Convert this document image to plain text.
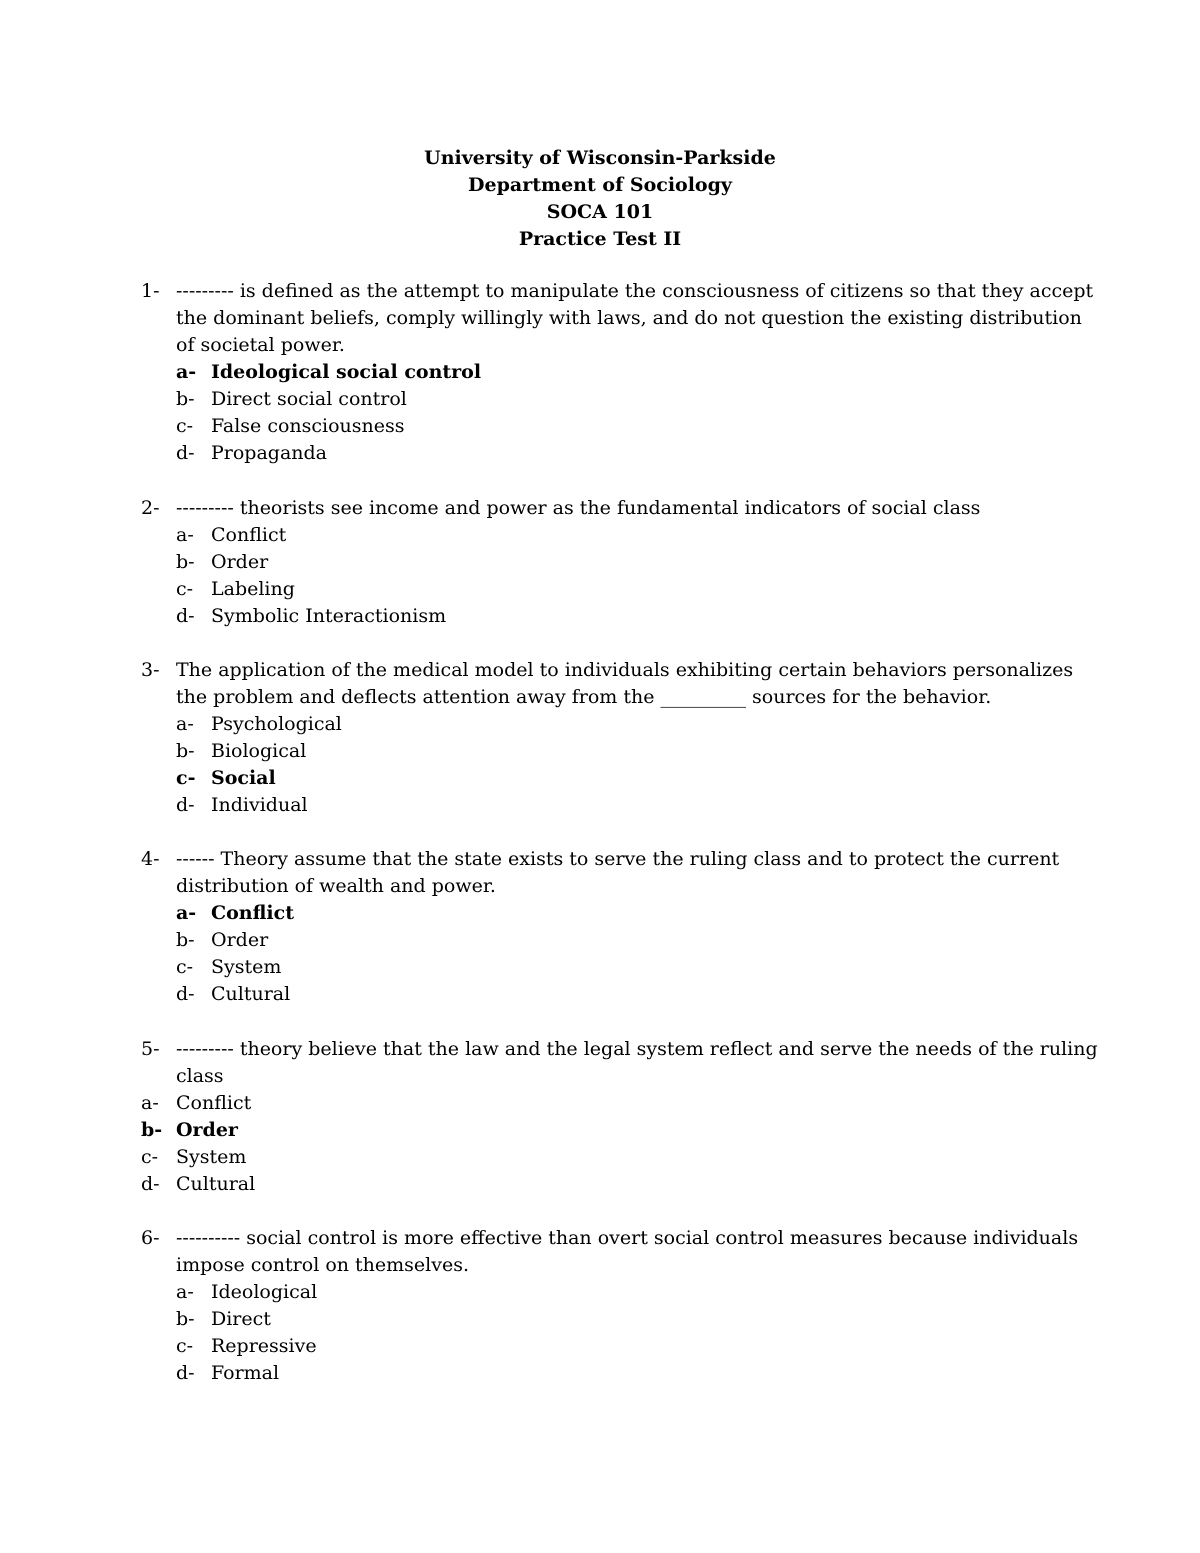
University of Wisconsin-Parkside
Department of Sociology
SOCA 101
Practice Test II
1- --------- is defined as the attempt to manipulate the consciousness of citizens so that they accept the dominant beliefs, comply willingly with laws, and do not question the existing distribution of societal power.
a- Ideological social control
b- Direct social control
c- False consciousness
d- Propaganda
2- --------- theorists see income and power as the fundamental indicators of social class
a- Conflict
b- Order
c- Labeling
d- Symbolic Interactionism
3- The application of the medical model to individuals exhibiting certain behaviors personalizes the problem and deflects attention away from the _________ sources for the behavior.
a- Psychological
b- Biological
c- Social
d- Individual
4- ------ Theory assume that the state exists to serve the ruling class and to protect the current distribution of wealth and power.
a- Conflict
b- Order
c- System
d- Cultural
5- --------- theory believe that the law and the legal system reflect and serve the needs of the ruling class
a- Conflict
b- Order
c- System
d- Cultural
6- ---------- social control is more effective than overt social control measures because individuals impose control on themselves.
a- Ideological
b- Direct
c- Repressive
d- Formal
